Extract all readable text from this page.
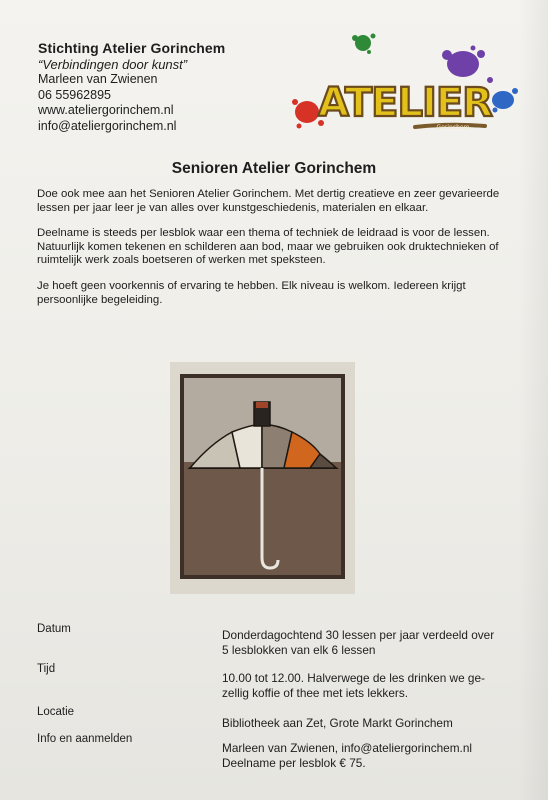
Stichting Atelier Gorinchem
“Verbindingen door kunst”
Marleen van Zwienen
06 55962895
www.ateliergorinchem.nl
info@ateliergorinchem.nl	ATELIER
Gorinchem
Senioren Atelier Gorinchem

Doe ook mee aan het Senioren Atelier Gorinchem. Met dertig creatieve en zeer gevarieerde lessen per jaar leer je van alles over kunstgeschiedenis, materialen en elkaar.

Deelname is steeds per lesblok waar een thema of techniek de leidraad is voor de lessen. Natuurlijk komen tekenen en schilderen aan bod, maar we gebruiken ook druktechnieken of ruimtelijk werk zoals boetseren of werken met speksteen.

Je hoeft geen voorkennis of ervaring te hebben. Elk niveau is welkom. Iedereen krijgt persoonlijke begeleiding.

Datum	Donderdagochtend 30 lessen per jaar verdeeld over
5 lesblokken van elk 6 lessen
Tijd
10.00 tot 12.00. Halverwege de les drinken we ge-
zellig koffie of thee met iets lekkers.
Locatie
Bibliotheek aan Zet, Grote Markt Gorinchem
Info en aanmelden
Marleen van Zwienen, info@ateliergorinchem.nl
Deelname per lesblok € 75.
